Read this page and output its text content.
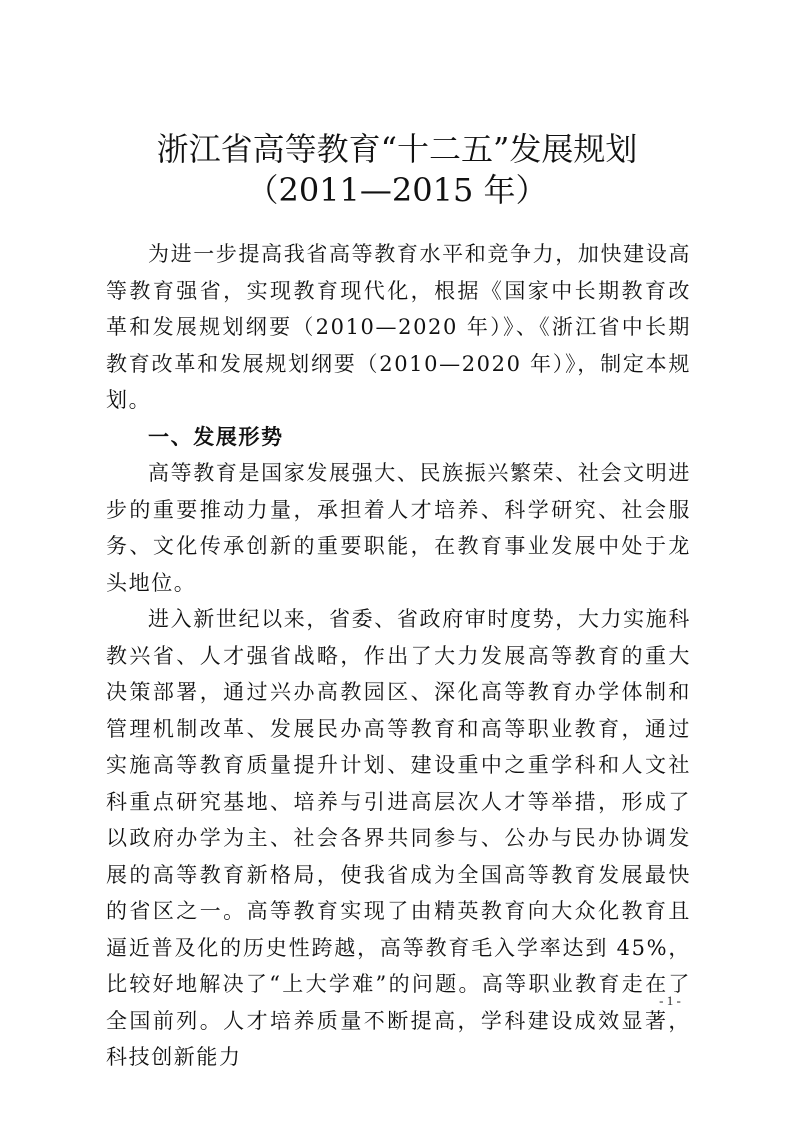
浙江省高等教育“十二五”发展规划
（2011—2015 年）

为进一步提高我省高等教育水平和竞争力，加快建设高等教育强省，实现教育现代化，根据《国家中长期教育改革和发展规划纲要（2010—2020 年）》、《浙江省中长期教育改革和发展规划纲要（2010—2020 年）》，制定本规划。

一、发展形势

高等教育是国家发展强大、民族振兴繁荣、社会文明进步的重要推动力量，承担着人才培养、科学研究、社会服务、文化传承创新的重要职能，在教育事业发展中处于龙头地位。

进入新世纪以来，省委、省政府审时度势，大力实施科教兴省、人才强省战略，作出了大力发展高等教育的重大决策部署，通过兴办高教园区、深化高等教育办学体制和管理机制改革、发展民办高等教育和高等职业教育，通过实施高等教育质量提升计划、建设重中之重学科和人文社科重点研究基地、培养与引进高层次人才等举措，形成了以政府办学为主、社会各界共同参与、公办与民办协调发展的高等教育新格局，使我省成为全国高等教育发展最快的省区之一。高等教育实现了由精英教育向大众化教育且逼近普及化的历史性跨越，高等教育毛入学率达到 45%，比较好地解决了“上大学难”的问题。高等职业教育走在了全国前列。人才培养质量不断提高，学科建设成效显著，科技创新能力

- 1 -
